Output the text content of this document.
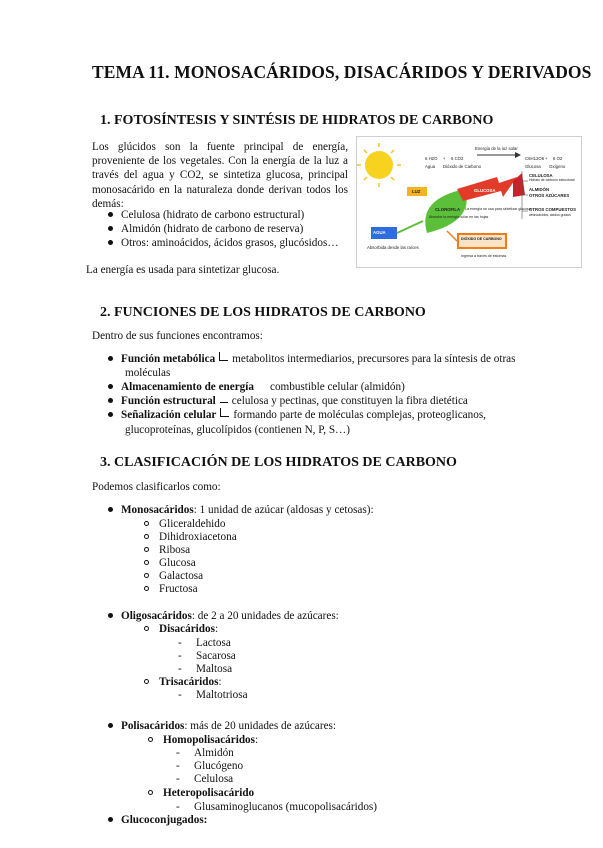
TEMA 11. MONOSACÁRIDOS, DISACÁRIDOS Y DERIVADOS
1. FOTOSÍNTESIS Y SINTÉSIS DE HIDRATOS DE CARBONO
Los glúcidos son la fuente principal de energía, proveniente de los vegetales. Con la energía de la luz a través del agua y CO2, se sintetiza glucosa, principal monosacárido en la naturaleza donde derivan todos los demás:
Celulosa (hidrato de carbono estructural)
Almidón (hidrato de carbono de reserva)
Otros: aminoácidos, ácidos grasos, glucósidos…
La energía es usada para sintetizar glucosa.
Energía de la luz solar
6 H2O + 6 CO2	C6H12O6 + 6 O2
Agua Dióxido de Carbono	Glucosa Oxígeno
LUZ
CLOROFILA
Absorbe la energía solar en las hojas
GLUCOSA
La energía se usa para sintetizar glucosa
AGUA
Absorbida desde las raíces
DIÓXIDO DE CARBONO
Ingresa a través de estomas
CELULOSA
Hidrato de carbono estructural
ALMIDÓN
OTROS AZÚCARES
OTROS COMPUESTOS
aminoácidos, ácidos grasos
2. FUNCIONES DE LOS HIDRATOS DE CARBONO
Dentro de sus funciones encontramos:
Función metabólica metabolitos intermediarios, precursores para la síntesis de otras
moléculas
Almacenamiento de energía combustible celular (almidón)
Función estructural celulosa y pectinas, que constituyen la fibra dietética
Señalización celular formando parte de moléculas complejas, proteoglicanos,
glucoproteínas, glucolípidos (contienen N, P, S…)
3. CLASIFICACIÓN DE LOS HIDRATOS DE CARBONO
Podemos clasificarlos como:
Monosacáridos: 1 unidad de azúcar (aldosas y cetosas):
Gliceraldehido
Dihidroxiacetona
Ribosa
Glucosa
Galactosa
Fructosa
Oligosacáridos: de 2 a 20 unidades de azúcares:
Disacáridos:
- Lactosa
- Sacarosa
- Maltosa
Trisacáridos:
- Maltotriosa
Polisacáridos: más de 20 unidades de azúcares:
Homopolisacáridos:
- Almidón
- Glucógeno
- Celulosa
Heteropolisacárido
- Glusaminoglucanos (mucopolisacáridos)
Glucoconjugados:
